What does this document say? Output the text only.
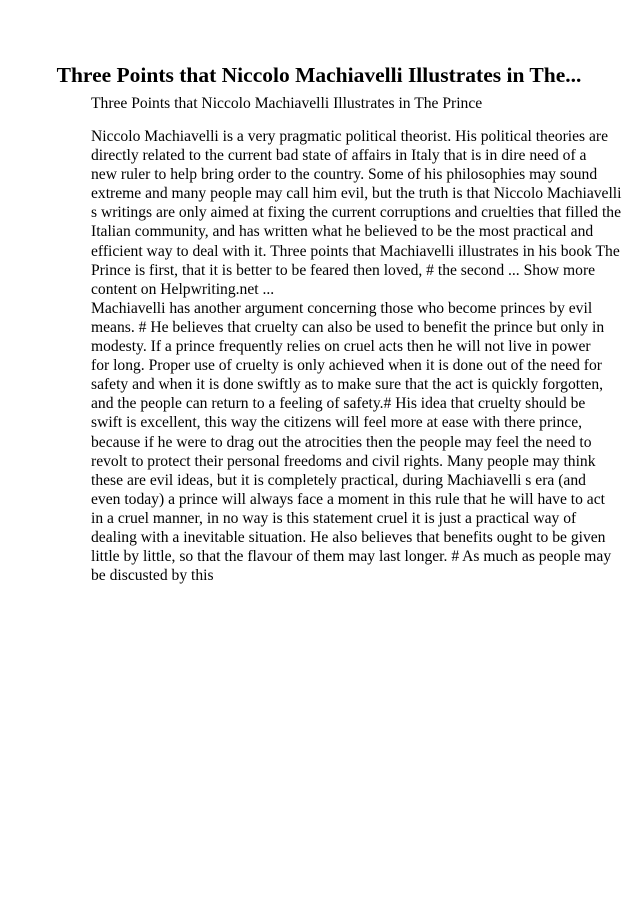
Three Points that Niccolo Machiavelli Illustrates in The...

Three Points that Niccolo Machiavelli Illustrates in The Prince

Niccolo Machiavelli is a very pragmatic political theorist. His political theories are
directly related to the current bad state of affairs in Italy that is in dire need of a
new ruler to help bring order to the country. Some of his philosophies may sound
extreme and many people may call him evil, but the truth is that Niccolo Machiavelli
s writings are only aimed at fixing the current corruptions and cruelties that filled the
Italian community, and has written what he believed to be the most practical and
efficient way to deal with it. Three points that Machiavelli illustrates in his book The
Prince is first, that it is better to be feared then loved, # the second ... Show more
content on Helpwriting.net ...
Machiavelli has another argument concerning those who become princes by evil
means. # He believes that cruelty can also be used to benefit the prince but only in
modesty. If a prince frequently relies on cruel acts then he will not live in power
for long. Proper use of cruelty is only achieved when it is done out of the need for
safety and when it is done swiftly as to make sure that the act is quickly forgotten,
and the people can return to a feeling of safety.# His idea that cruelty should be
swift is excellent, this way the citizens will feel more at ease with there prince,
because if he were to drag out the atrocities then the people may feel the need to
revolt to protect their personal freedoms and civil rights. Many people may think
these are evil ideas, but it is completely practical, during Machiavelli s era (and
even today) a prince will always face a moment in this rule that he will have to act
in a cruel manner, in no way is this statement cruel it is just a practical way of
dealing with a inevitable situation. He also believes that benefits ought to be given
little by little, so that the flavour of them may last longer. # As much as people may
be discusted by this
